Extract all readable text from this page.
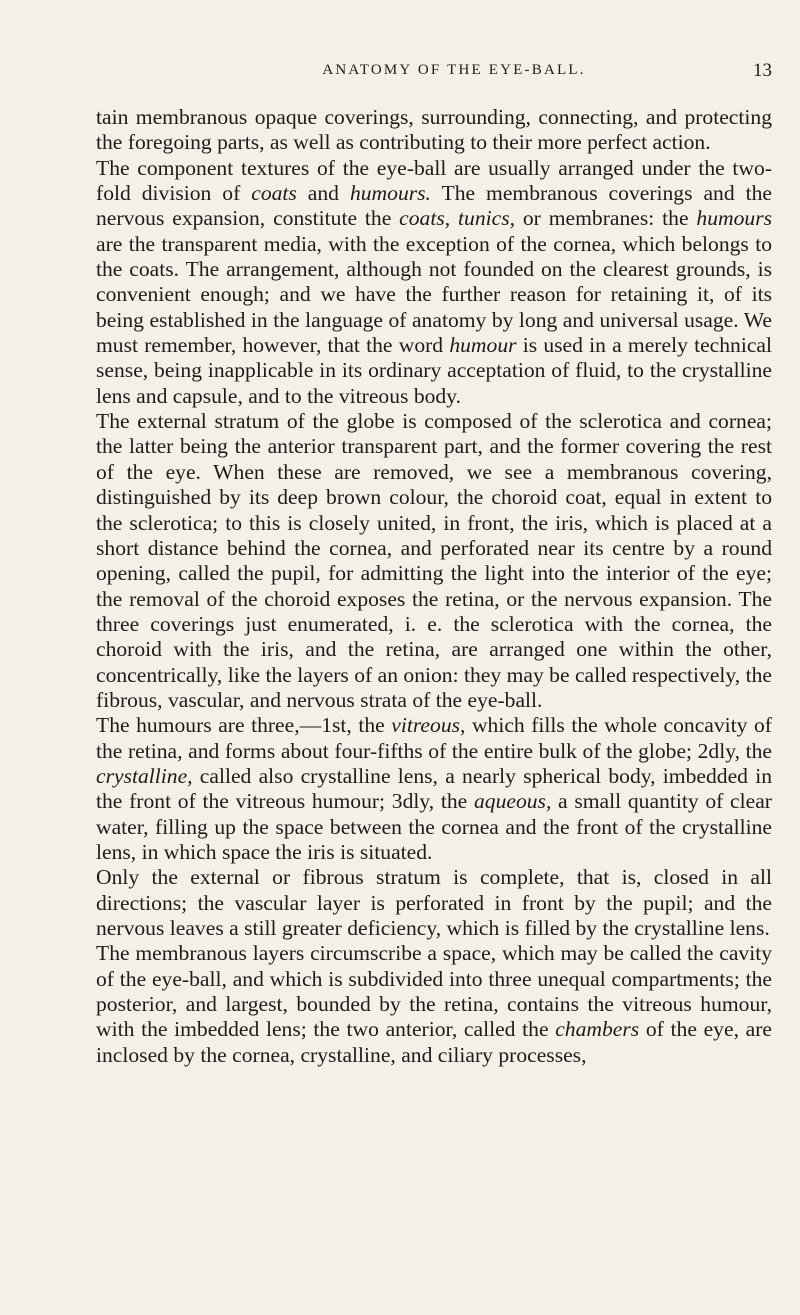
ANATOMY OF THE EYE-BALL.	13

tain membranous opaque coverings, surrounding, connecting, and protecting the foregoing parts, as well as contributing to their more perfect action.

The component textures of the eye-ball are usually arranged under the two-fold division of coats and humours. The membranous coverings and the nervous expansion, constitute the coats, tunics, or membranes: the humours are the transparent media, with the exception of the cornea, which belongs to the coats. The arrangement, although not founded on the clearest grounds, is convenient enough; and we have the further reason for retaining it, of its being established in the language of anatomy by long and universal usage. We must remember, however, that the word humour is used in a merely technical sense, being inapplicable in its ordinary acceptation of fluid, to the crystalline lens and capsule, and to the vitreous body.

The external stratum of the globe is composed of the sclerotica and cornea; the latter being the anterior transparent part, and the former covering the rest of the eye. When these are removed, we see a membranous covering, distinguished by its deep brown colour, the choroid coat, equal in extent to the sclerotica; to this is closely united, in front, the iris, which is placed at a short distance behind the cornea, and perforated near its centre by a round opening, called the pupil, for admitting the light into the interior of the eye; the removal of the choroid exposes the retina, or the nervous expansion. The three coverings just enumerated, i. e. the sclerotica with the cornea, the choroid with the iris, and the retina, are arranged one within the other, concentrically, like the layers of an onion: they may be called respectively, the fibrous, vascular, and nervous strata of the eye-ball.

The humours are three,—1st, the vitreous, which fills the whole concavity of the retina, and forms about four-fifths of the entire bulk of the globe; 2dly, the crystalline, called also crystalline lens, a nearly spherical body, imbedded in the front of the vitreous humour; 3dly, the aqueous, a small quantity of clear water, filling up the space between the cornea and the front of the crystalline lens, in which space the iris is situated.

Only the external or fibrous stratum is complete, that is, closed in all directions; the vascular layer is perforated in front by the pupil; and the nervous leaves a still greater deficiency, which is filled by the crystalline lens.

The membranous layers circumscribe a space, which may be called the cavity of the eye-ball, and which is subdivided into three unequal compartments; the posterior, and largest, bounded by the retina, contains the vitreous humour, with the imbedded lens; the two anterior, called the chambers of the eye, are inclosed by the cornea, crystalline, and ciliary processes,
